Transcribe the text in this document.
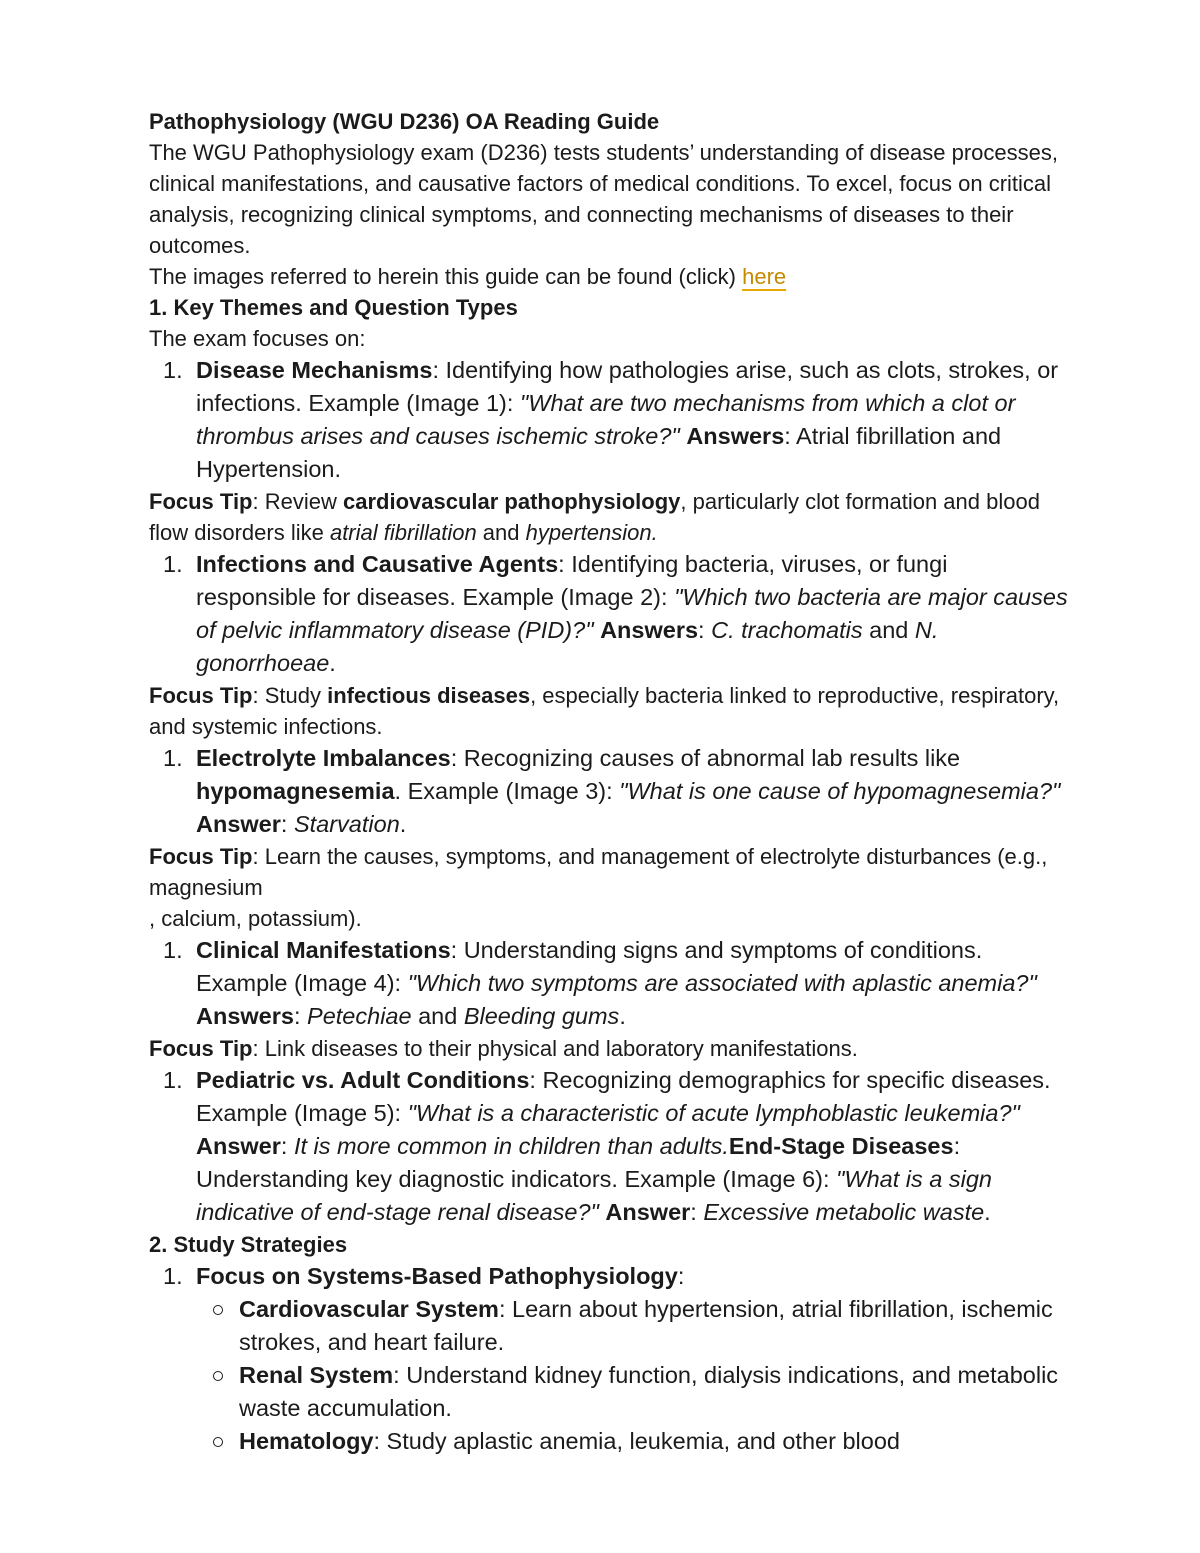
Pathophysiology (WGU D236) OA Reading Guide

The WGU Pathophysiology exam (D236) tests students’ understanding of disease processes, clinical manifestations, and causative factors of medical conditions. To excel, focus on critical analysis, recognizing clinical symptoms, and connecting mechanisms of diseases to their outcomes.

The images referred to herein this guide can be found (click) here

1. Key Themes and Question Types

The exam focuses on:

1. Disease Mechanisms: Identifying how pathologies arise, such as clots, strokes, or infections. Example (Image 1): "What are two mechanisms from which a clot or thrombus arises and causes ischemic stroke?" Answers: Atrial fibrillation and Hypertension.

Focus Tip: Review cardiovascular pathophysiology, particularly clot formation and blood flow disorders like atrial fibrillation and hypertension.

1. Infections and Causative Agents: Identifying bacteria, viruses, or fungi responsible for diseases. Example (Image 2): "Which two bacteria are major causes of pelvic inflammatory disease (PID)?" Answers: C. trachomatis and N. gonorrhoeae.

Focus Tip: Study infectious diseases, especially bacteria linked to reproductive, respiratory, and systemic infections.

1. Electrolyte Imbalances: Recognizing causes of abnormal lab results like hypomagnesemia. Example (Image 3): "What is one cause of hypomagnesemia?" Answer: Starvation.

Focus Tip: Learn the causes, symptoms, and management of electrolyte disturbances (e.g., magnesium
, calcium, potassium).

1. Clinical Manifestations: Understanding signs and symptoms of conditions. Example (Image 4): "Which two symptoms are associated with aplastic anemia?" Answers: Petechiae and Bleeding gums.

Focus Tip: Link diseases to their physical and laboratory manifestations.

1. Pediatric vs. Adult Conditions: Recognizing demographics for specific diseases. Example (Image 5): "What is a characteristic of acute lymphoblastic leukemia?" Answer: It is more common in children than adults.End-Stage Diseases: Understanding key diagnostic indicators. Example (Image 6): "What is a sign indicative of end-stage renal disease?" Answer: Excessive metabolic waste.
2. Study Strategies
1. Focus on Systems-Based Pathophysiology:
Cardiovascular System: Learn about hypertension, atrial fibrillation, ischemic strokes, and heart failure.
Renal System: Understand kidney function, dialysis indications, and metabolic waste accumulation.
Hematology: Study aplastic anemia, leukemia, and other blood
